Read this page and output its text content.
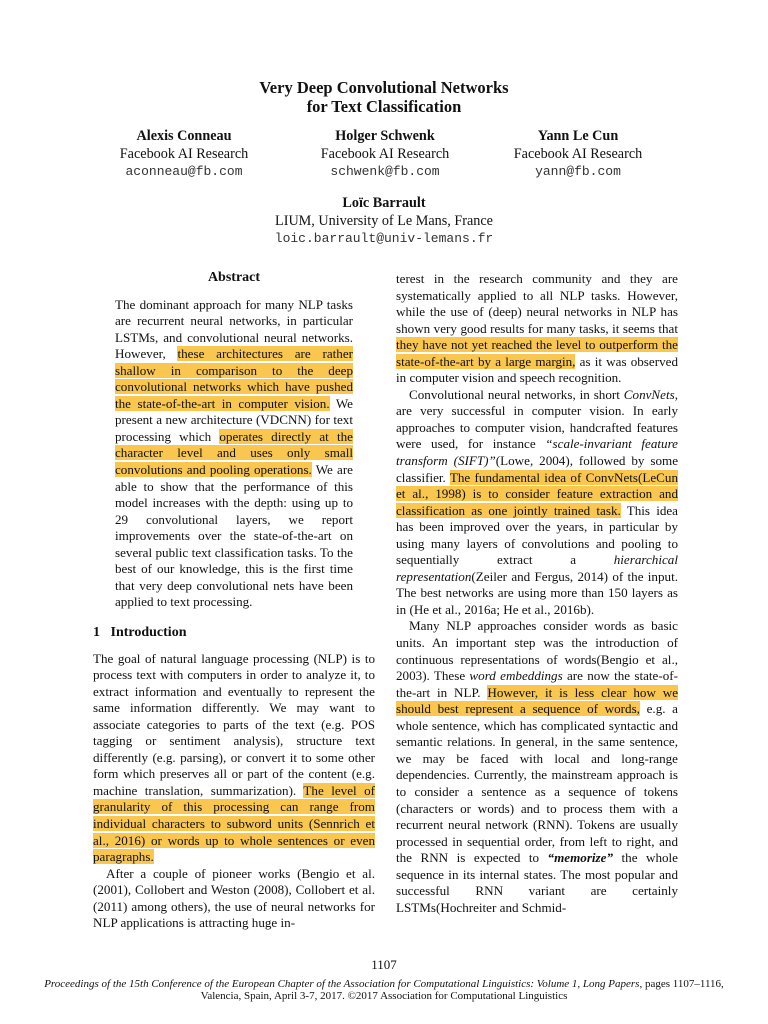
Very Deep Convolutional Networks
for Text Classification
Alexis Conneau
Facebook AI Research
aconneau@fb.com
Holger Schwenk
Facebook AI Research
schwenk@fb.com
Yann Le Cun
Facebook AI Research
yann@fb.com
Loïc Barrault
LIUM, University of Le Mans, France
loic.barrault@univ-lemans.fr
Abstract

The dominant approach for many NLP tasks are recurrent neural networks, in particular LSTMs, and convolutional neural networks. However, these architectures are rather shallow in comparison to the deep convolutional networks which have pushed the state-of-the-art in computer vision. We present a new architecture (VDCNN) for text processing which operates directly at the character level and uses only small convolutions and pooling operations. We are able to show that the performance of this model increases with the depth: using up to 29 convolutional layers, we report improvements over the state-of-the-art on several public text classification tasks. To the best of our knowledge, this is the first time that very deep convolutional nets have been applied to text processing.

1 Introduction

The goal of natural language processing (NLP) is to process text with computers in order to analyze it, to extract information and eventually to represent the same information differently. We may want to associate categories to parts of the text (e.g. POS tagging or sentiment analysis), structure text differently (e.g. parsing), or convert it to some other form which preserves all or part of the content (e.g. machine translation, summarization). The level of granularity of this processing can range from individual characters to subword units (Sennrich et al., 2016) or words up to whole sentences or even paragraphs.

After a couple of pioneer works (Bengio et al. (2001), Collobert and Weston (2008), Collobert et al. (2011) among others), the use of neural networks for NLP applications is attracting huge in-

terest in the research community and they are systematically applied to all NLP tasks. However, while the use of (deep) neural networks in NLP has shown very good results for many tasks, it seems that they have not yet reached the level to outperform the state-of-the-art by a large margin, as it was observed in computer vision and speech recognition.

Convolutional neural networks, in short ConvNets, are very successful in computer vision. In early approaches to computer vision, handcrafted features were used, for instance “scale-invariant feature transform (SIFT)”(Lowe, 2004), followed by some classifier. The fundamental idea of ConvNets(LeCun et al., 1998) is to consider feature extraction and classification as one jointly trained task. This idea has been improved over the years, in particular by using many layers of convolutions and pooling to sequentially extract a hierarchical representation(Zeiler and Fergus, 2014) of the input. The best networks are using more than 150 layers as in (He et al., 2016a; He et al., 2016b).

Many NLP approaches consider words as basic units. An important step was the introduction of continuous representations of words(Bengio et al., 2003). These word embeddings are now the state-of-the-art in NLP. However, it is less clear how we should best represent a sequence of words, e.g. a whole sentence, which has complicated syntactic and semantic relations. In general, in the same sentence, we may be faced with local and long-range dependencies. Currently, the mainstream approach is to consider a sentence as a sequence of tokens (characters or words) and to process them with a recurrent neural network (RNN). Tokens are usually processed in sequential order, from left to right, and the RNN is expected to “memorize” the whole sequence in its internal states. The most popular and successful RNN variant are certainly LSTMs(Hochreiter and Schmid-

1107
Proceedings of the 15th Conference of the European Chapter of the Association for Computational Linguistics: Volume 1, Long Papers, pages 1107–1116,
Valencia, Spain, April 3-7, 2017. ©2017 Association for Computational Linguistics
